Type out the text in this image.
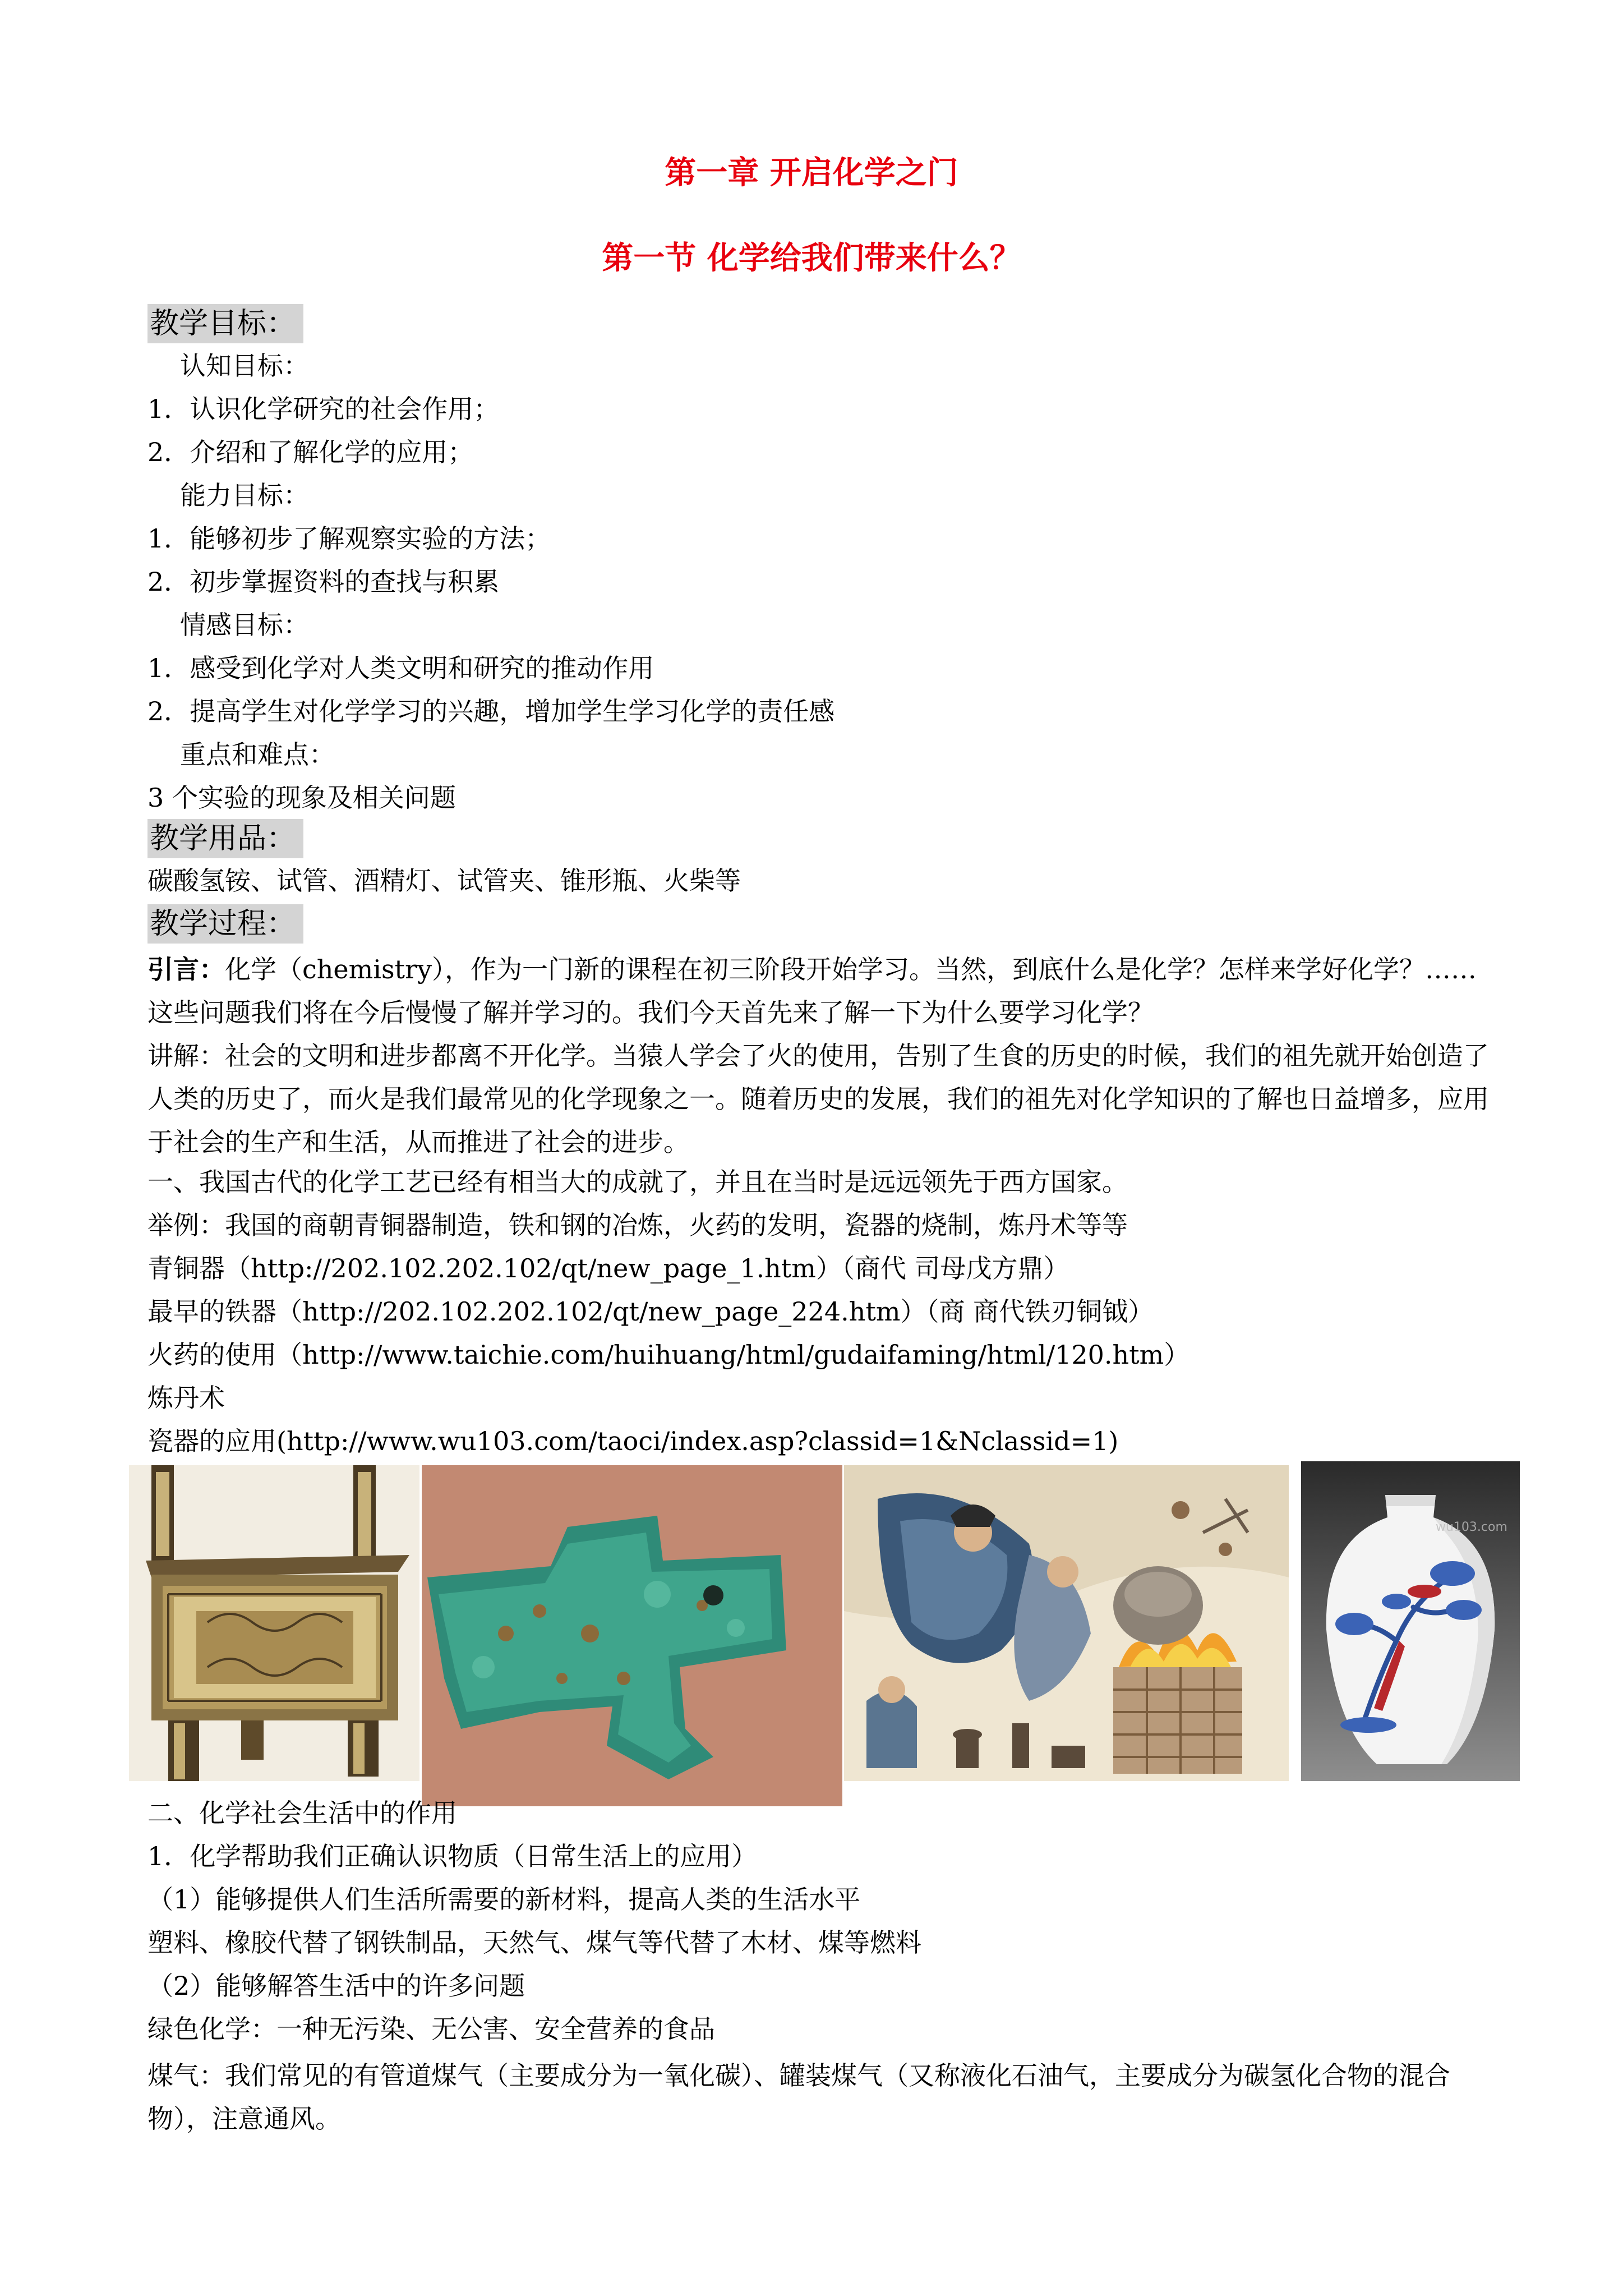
第一章 开启化学之门
第一节 化学给我们带来什么？
教学目标：
认知目标：
1．认识化学研究的社会作用；
2．介绍和了解化学的应用；
能力目标：
1．能够初步了解观察实验的方法；
2．初步掌握资料的查找与积累
情感目标：
1．感受到化学对人类文明和研究的推动作用
2．提高学生对化学学习的兴趣，增加学生学习化学的责任感
重点和难点：
3 个实验的现象及相关问题
教学用品：
碳酸氢铵、试管、酒精灯、试管夹、锥形瓶、火柴等
教学过程：
引言：化学（chemistry），作为一门新的课程在初三阶段开始学习。当然，到底什么是化学？怎样来学好化学？……这些问题我们将在今后慢慢了解并学习的。我们今天首先来了解一下为什么要学习化学？
讲解：社会的文明和进步都离不开化学。当猿人学会了火的使用，告别了生食的历史的时候，我们的祖先就开始创造了人类的历史了，而火是我们最常见的化学现象之一。随着历史的发展，我们的祖先对化学知识的了解也日益增多，应用于社会的生产和生活，从而推进了社会的进步。
一、我国古代的化学工艺已经有相当大的成就了，并且在当时是远远领先于西方国家。
举例：我国的商朝青铜器制造，铁和钢的冶炼，火药的发明，瓷器的烧制，炼丹术等等
青铜器（http://202.102.202.102/qt/new_page_1.htm）（商代 司母戊方鼎）
最早的铁器（http://202.102.202.102/qt/new_page_224.htm）（商 商代铁刃铜钺）
火药的使用（http://www.taichie.com/huihuang/html/gudaifaming/html/120.htm）
炼丹术
瓷器的应用(http://www.wu103.com/taoci/index.asp?classid=1&Nclassid=1)
wu103.com
二、化学社会生活中的作用
1．化学帮助我们正确认识物质（日常生活上的应用）
（1）能够提供人们生活所需要的新材料，提高人类的生活水平
塑料、橡胶代替了钢铁制品，天然气、煤气等代替了木材、煤等燃料
（2）能够解答生活中的许多问题
绿色化学：一种无污染、无公害、安全营养的食品
煤气：我们常见的有管道煤气（主要成分为一氧化碳）、罐装煤气（又称液化石油气，主要成分为碳氢化合物的混合物），注意通风。
